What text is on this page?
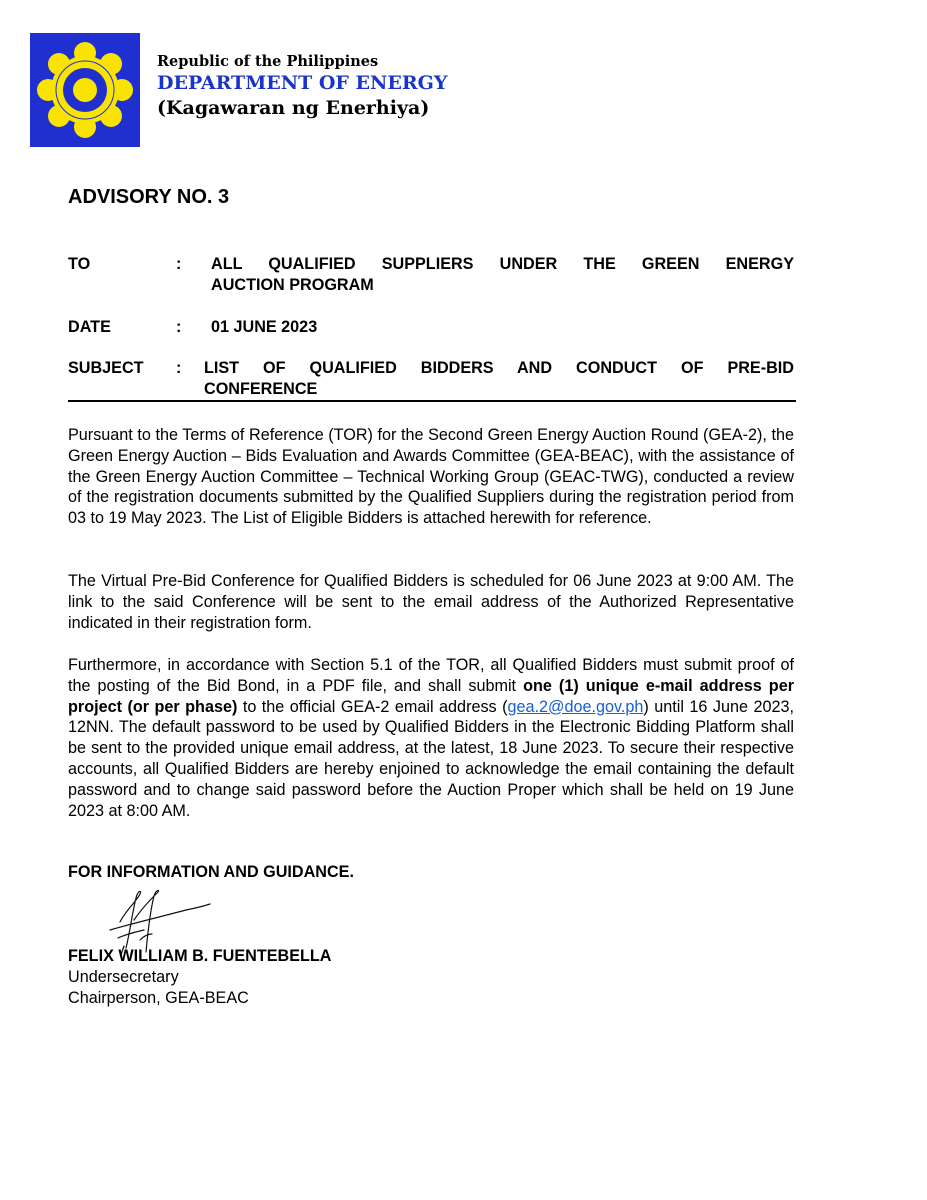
Republic of the Philippines
DEPARTMENT OF ENERGY
(Kagawaran ng Enerhiya)
ADVISORY NO. 3
TO	: ALL QUALIFIED SUPPLIERS UNDER THE GREEN ENERGY
AUCTION PROGRAM
DATE	: 01 JUNE 2023
SUBJECT : LIST OF QUALIFIED BIDDERS AND CONDUCT OF PRE-BID
CONFERENCE

Pursuant to the Terms of Reference (TOR) for the Second Green Energy Auction Round (GEA-2), the Green Energy Auction – Bids Evaluation and Awards Committee (GEA-BEAC), with the assistance of the Green Energy Auction Committee – Technical Working Group (GEAC-TWG), conducted a review of the registration documents submitted by the Qualified Suppliers during the registration period from 03 to 19 May 2023. The List of Eligible Bidders is attached herewith for reference.

The Virtual Pre-Bid Conference for Qualified Bidders is scheduled for 06 June 2023 at 9:00 AM. The link to the said Conference will be sent to the email address of the Authorized Representative indicated in their registration form.

Furthermore, in accordance with Section 5.1 of the TOR, all Qualified Bidders must submit proof of the posting of the Bid Bond, in a PDF file, and shall submit one (1) unique e-mail address per project (or per phase) to the official GEA-2 email address (gea.2@doe.gov.ph) until 16 June 2023, 12NN. The default password to be used by Qualified Bidders in the Electronic Bidding Platform shall be sent to the provided unique email address, at the latest, 18 June 2023. To secure their respective accounts, all Qualified Bidders are hereby enjoined to acknowledge the email containing the default password and to change said password before the Auction Proper which shall be held on 19 June 2023 at 8:00 AM.

FOR INFORMATION AND GUIDANCE.
FELIX WILLIAM B. FUENTEBELLA
Undersecretary
Chairperson, GEA-BEAC
